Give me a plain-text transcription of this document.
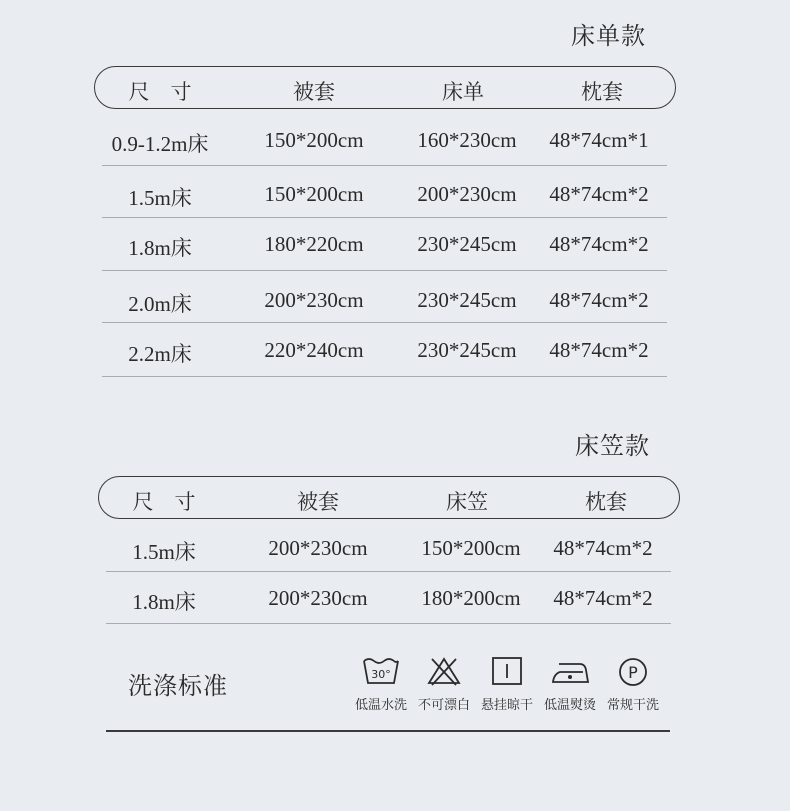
床单款
尺　寸	被套	床单	枕套
0.9-1.2m床	150*200cm	160*230cm	48*74cm*1
1.5m床	150*200cm	200*230cm	48*74cm*2
1.8m床	180*220cm	230*245cm	48*74cm*2
2.0m床	200*230cm	230*245cm	48*74cm*2
2.2m床	220*240cm	230*245cm	48*74cm*2
床笠款
尺　寸	被套	床笠	枕套
1.5m床	200*230cm	150*200cm	48*74cm*2
1.8m床	200*230cm	180*200cm	48*74cm*2
洗涤标准	30°
低温水洗 不可漂白 悬挂晾干 低温熨烫
P
常规干洗
